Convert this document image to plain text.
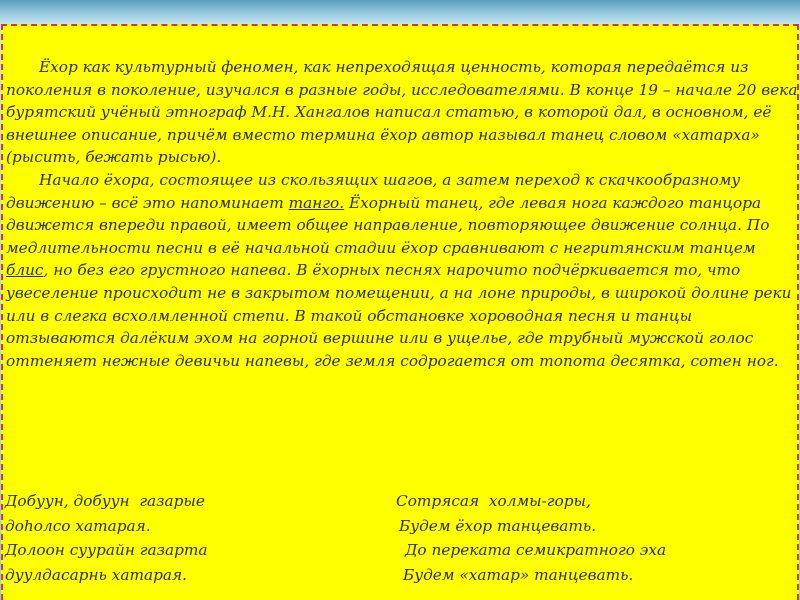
Ёхор как культурный феномен, как непреходящая ценность, которая передаётся из поколения в поколение, изучался в разные годы, исследователями. В конце 19 – начале 20 века бурятский учёный этнограф М.Н. Хангалов написал статью, в которой дал, в основном, её внешнее описание, причём вместо термина ёхор автор называл танец словом «хатарха» (рысить, бежать рысью).

Начало ёхора, состоящее из скользящих шагов, а затем переход к скачкообразному движению – всё это напоминает танго. Ёхорный танец, где левая нога каждого танцора движется впереди правой, имеет общее направление, повторяющее движение солнца. По медлительности песни в её начальной стадии ёхор сравнивают с негритянским танцем блис, но без его грустного напева. В ёхорных песнях нарочито подчёркивается то, что увеселение происходит не в закрытом помещении, а на лоне природы, в широкой долине реки или в слегка всхолмленной степи. В такой обстановке хороводная песня и танцы отзываются далёким эхом на горной вершине или в ущелье, где трубный мужской голос оттеняет нежные девичьи напевы, где земля содрогается от топота десятка, сотен ног.

Добуун, добуун  газарые	Сотрясая  холмы-горы,
доhолсо хатарая.	Будем ёхор танцевать.
Долоон суурайн газарта	До переката семикратного эха
дуулдасарнь хатарая.	Будем «хатар» танцевать.
